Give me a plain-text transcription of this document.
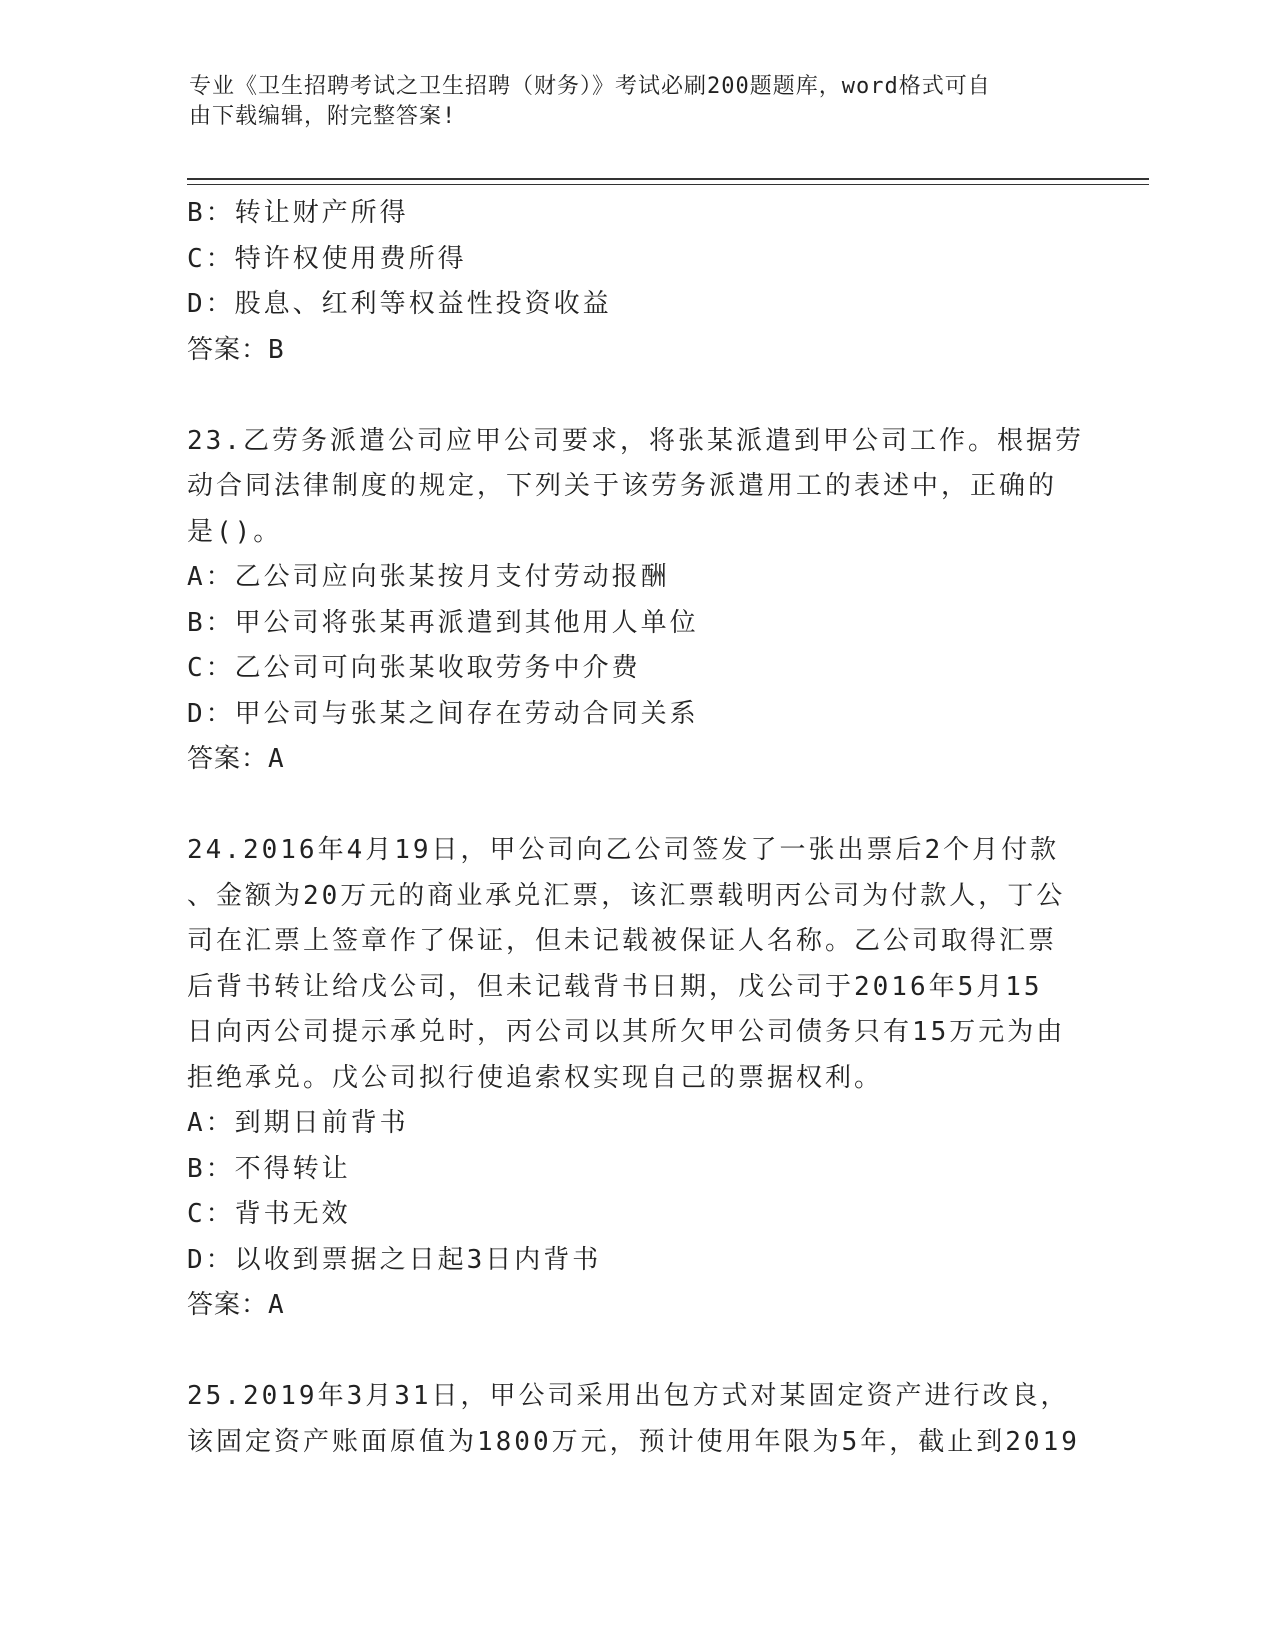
专业《卫生招聘考试之卫生招聘（财务）》考试必刷200题题库，word格式可自
由下载编辑，附完整答案!

B：转让财产所得

C：特许权使用费所得

D：股息、红利等权益性投资收益

答案：B

23.乙劳务派遣公司应甲公司要求，将张某派遣到甲公司工作。根据劳

动合同法律制度的规定，下列关于该劳务派遣用工的表述中，正确的

是()。

A：乙公司应向张某按月支付劳动报酬

B：甲公司将张某再派遣到其他用人单位

C：乙公司可向张某收取劳务中介费

D：甲公司与张某之间存在劳动合同关系

答案：A

24.2016年4月19日，甲公司向乙公司签发了一张出票后2个月付款

、金额为20万元的商业承兑汇票，该汇票载明丙公司为付款人，丁公

司在汇票上签章作了保证，但未记载被保证人名称。乙公司取得汇票

后背书转让给戊公司，但未记载背书日期，戊公司于2016年5月15

日向丙公司提示承兑时，丙公司以其所欠甲公司债务只有15万元为由

拒绝承兑。戊公司拟行使追索权实现自己的票据权利。

A：到期日前背书

B：不得转让

C：背书无效

D：以收到票据之日起3日内背书

答案：A

25.2019年3月31日，甲公司采用出包方式对某固定资产进行改良，

该固定资产账面原值为1800万元，预计使用年限为5年，截止到2019
